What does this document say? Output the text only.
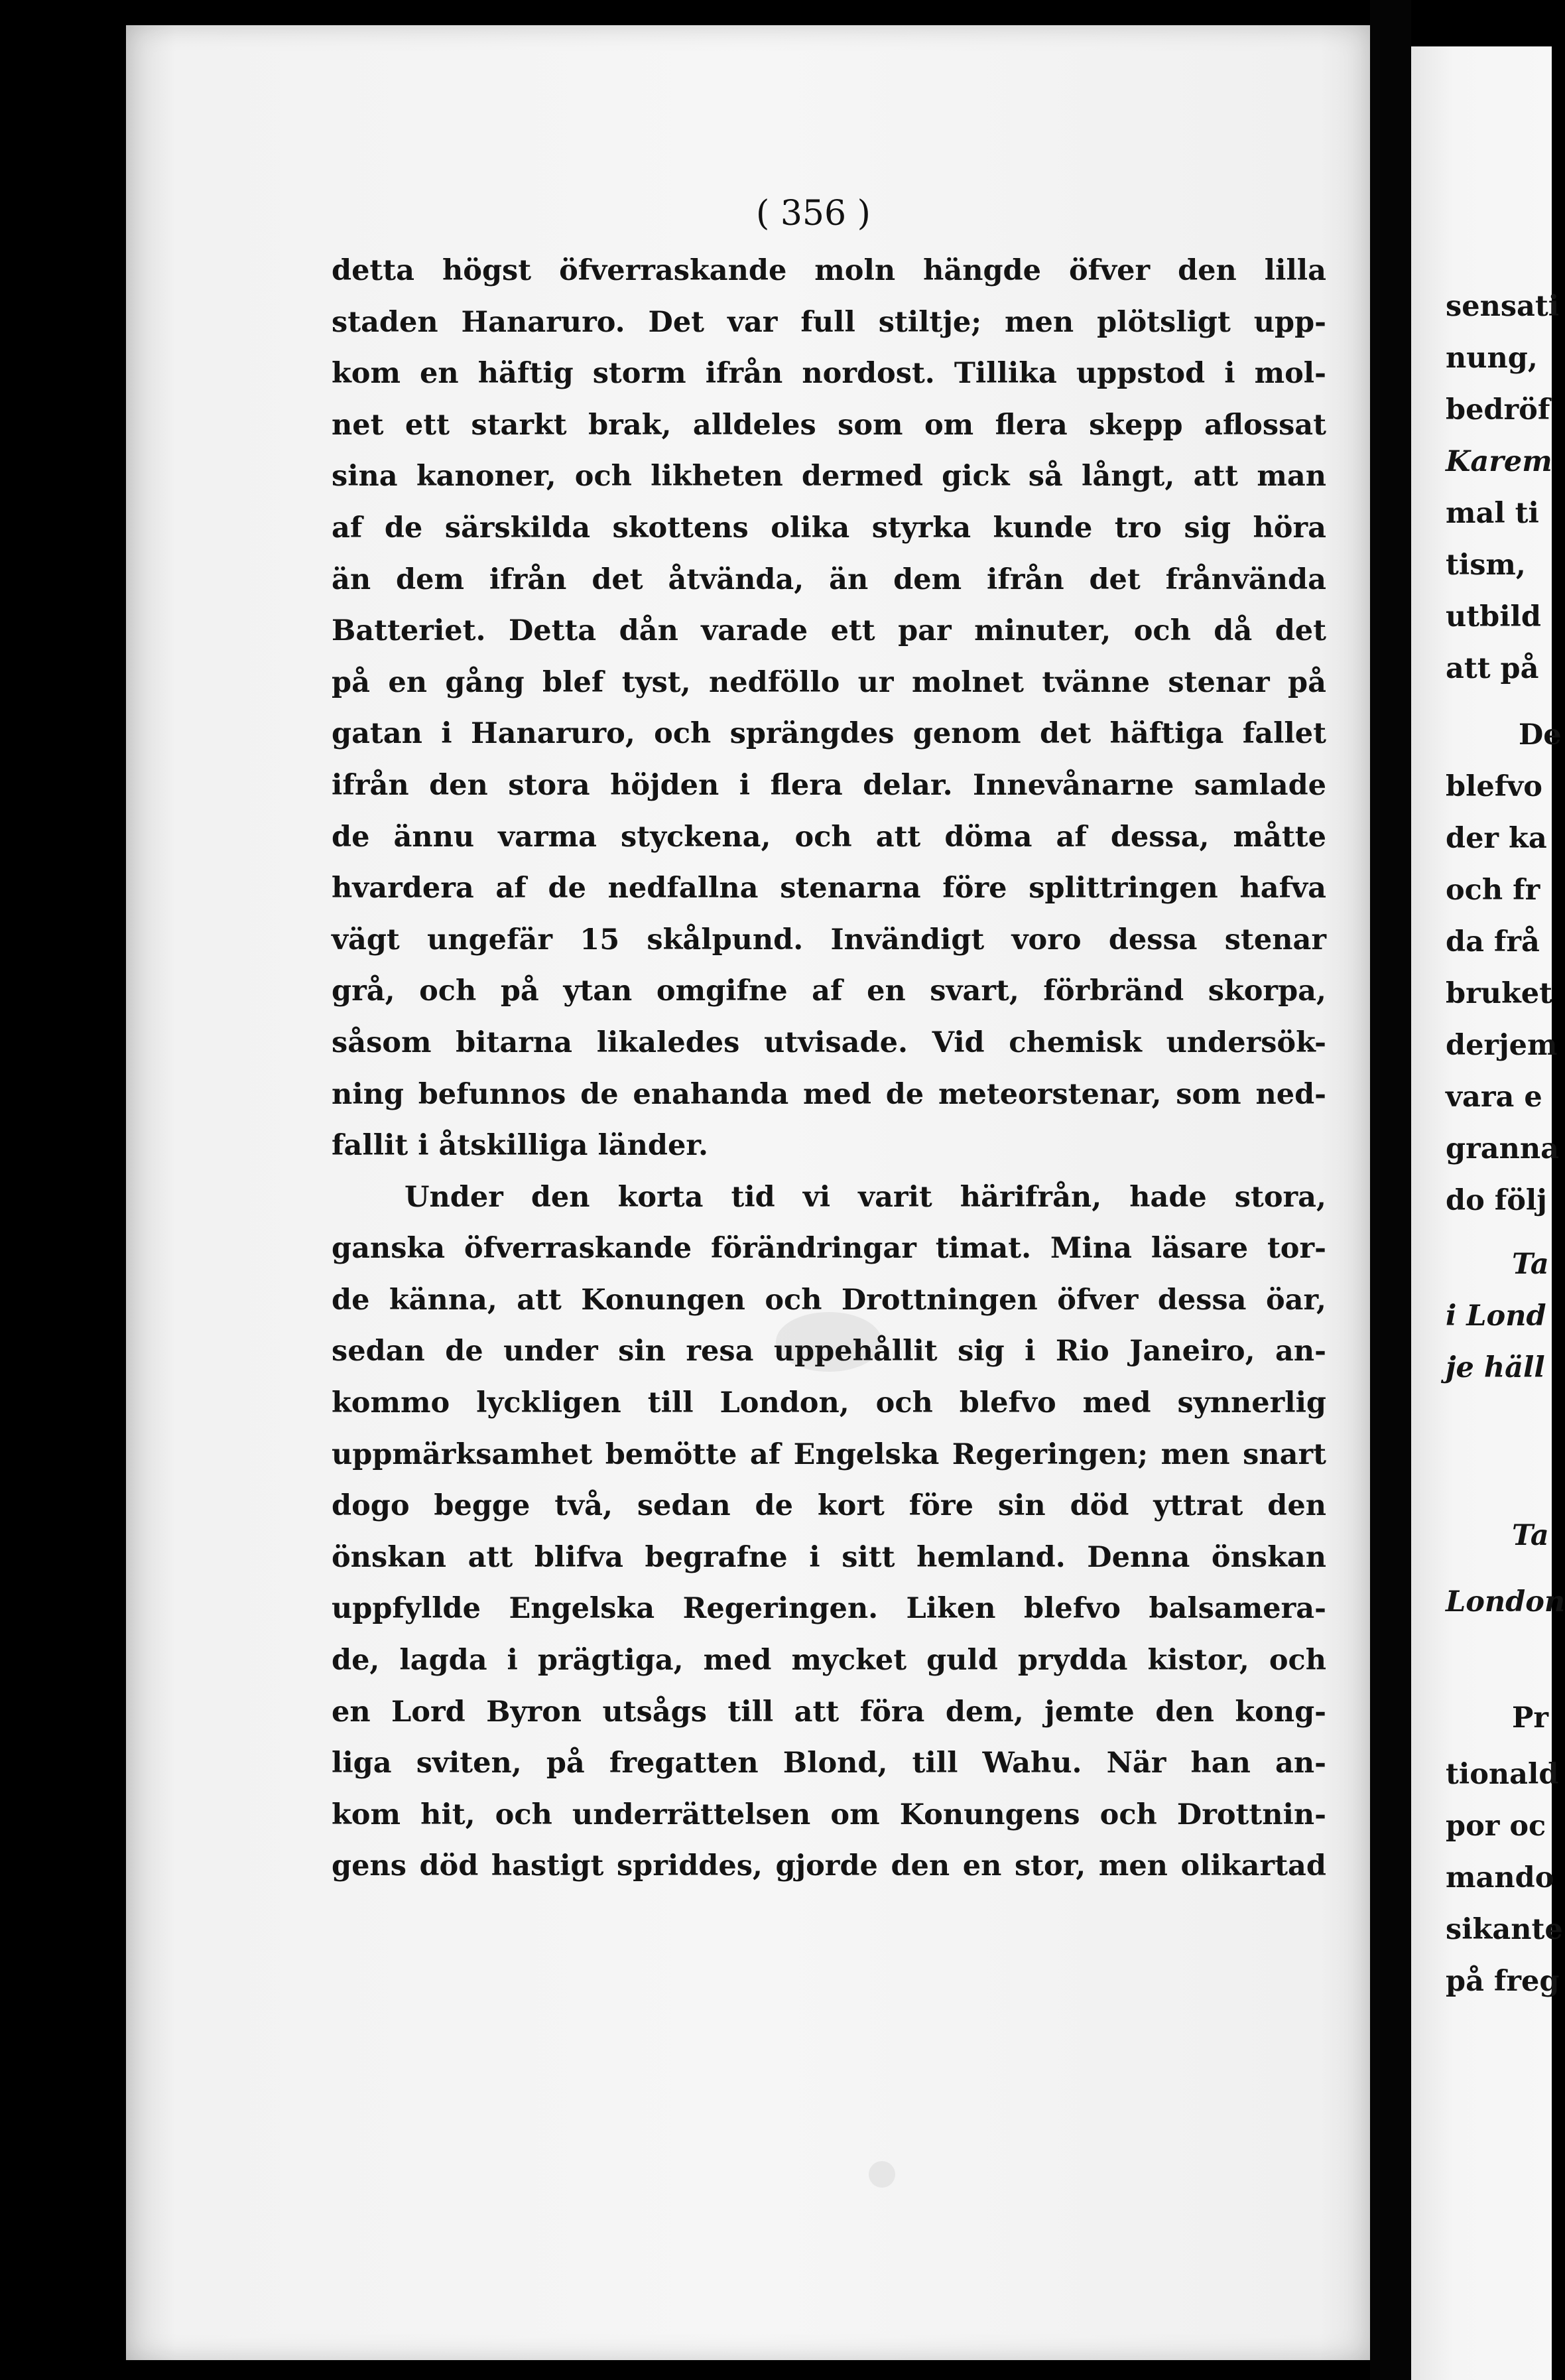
( 356 )
detta högst öfverraskande moln hängde öfver den lilla
staden Hanaruro. Det var full stiltje; men plötsligt upp-
kom en häftig storm ifrån nordost. Tillika uppstod i mol-
net ett starkt brak, alldeles som om flera skepp aflossat
sina kanoner, och likheten dermed gick så långt, att man
af de särskilda skottens olika styrka kunde tro sig höra
än dem ifrån det åtvända, än dem ifrån det frånvända
Batteriet. Detta dån varade ett par minuter, och då det
på en gång blef tyst, nedföllo ur molnet tvänne stenar på
gatan i Hanaruro, och sprängdes genom det häftiga fallet
ifrån den stora höjden i flera delar. Innevånarne samlade
de ännu varma styckena, och att döma af dessa, måtte
hvardera af de nedfallna stenarna före splittringen hafva
vägt ungefär 15 skålpund. Invändigt voro dessa stenar
grå, och på ytan omgifne af en svart, förbränd skorpa,
såsom bitarna likaledes utvisade. Vid chemisk undersök-
ning befunnos de enahanda med de meteorstenar, som ned-
fallit i åtskilliga länder.
Under den korta tid vi varit härifrån, hade stora,
ganska öfverraskande förändringar timat. Mina läsare tor-
de känna, att Konungen och Drottningen öfver dessa öar,
sedan de under sin resa uppehållit sig i Rio Janeiro, an-
kommo lyckligen till London, och blefvo med synnerlig
uppmärksamhet bemötte af Engelska Regeringen; men snart
dogo begge två, sedan de kort före sin död yttrat den
önskan att blifva begrafne i sitt hemland. Denna önskan
uppfyllde Engelska Regeringen. Liken blefvo balsamera-
de, lagda i prägtiga, med mycket guld prydda kistor, och
en Lord Byron utsågs till att föra dem, jemte den kong-
liga sviten, på fregatten Blond, till Wahu. När han an-
kom hit, och underrättelsen om Konungens och Drottnin-
gens död hastigt spriddes, gjorde den en stor, men olikartad
sensati
nung,
bedröf
Karem
mal ti
tism,
utbild
att på
De
blefvo
der ka
och fr
da frå
bruket
derjem
vara e
granna
do följ
Ta
i Lond
je häll
Ta
London
Pr
tionald
por oc
mando
sikante
på freg
